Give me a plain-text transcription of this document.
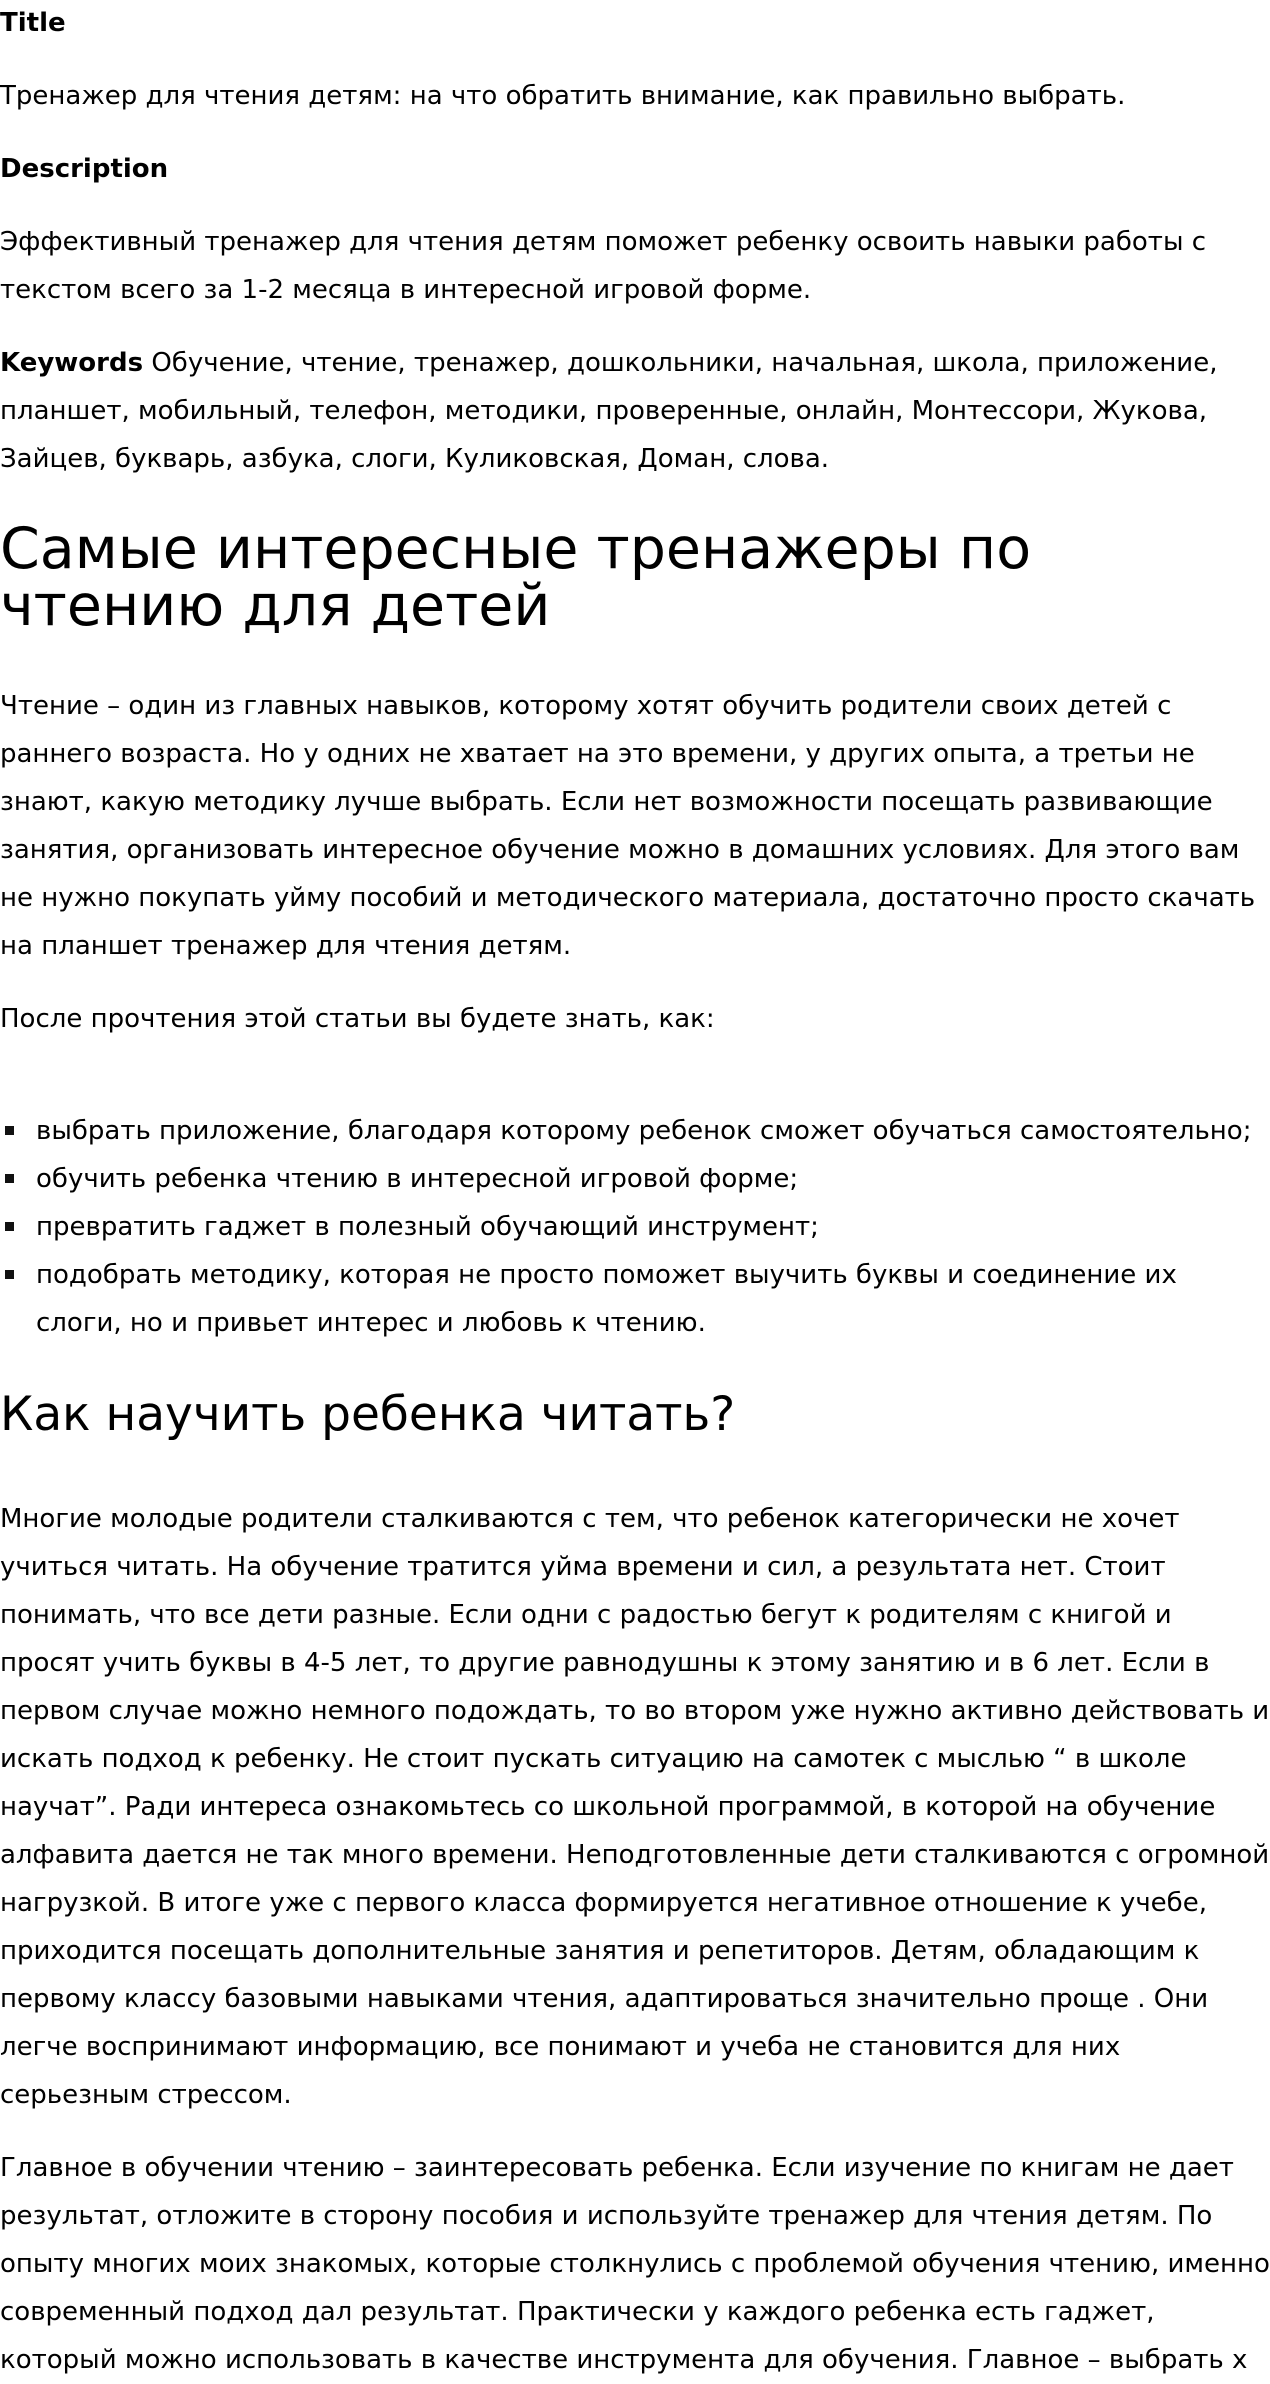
Title

Тренажер для чтения детям: на что обратить внимание, как правильно выбрать.

Description

Эффективный тренажер для чтения детям поможет ребенку освоить навыки работы с текстом всего за 1-2 месяца в интересной игровой форме.

Keywords Обучение, чтение, тренажер, дошкольники, начальная, школа, приложение, планшет, мобильный, телефон, методики, проверенные, онлайн, Монтессори, Жукова, Зайцев, букварь, азбука, слоги, Куликовская, Доман, слова.

Самые интересные тренажеры по чтению для детей

Чтение – один из главных навыков, которому хотят обучить родители своих детей с раннего возраста. Но у одних не хватает на это времени, у других опыта, а третьи не знают, какую методику лучше выбрать. Если нет возможности посещать развивающие занятия, организовать интересное обучение можно в домашних условиях. Для этого вам не нужно покупать уйму пособий и методического материала, достаточно просто скачать на планшет тренажер для чтения детям.

После прочтения этой статьи вы будете знать, как:

выбрать приложение, благодаря которому ребенок сможет обучаться самостоятельно;
обучить ребенка чтению в интересной игровой форме;
превратить гаджет в полезный обучающий инструмент;
подобрать методику, которая не просто поможет выучить буквы и соединение их слоги, но и привьет интерес и любовь к чтению.
Как научить ребенка читать?

Многие молодые родители сталкиваются с тем, что ребенок категорически не хочет учиться читать. На обучение тратится уйма времени и сил, а результата нет. Стоит понимать, что все дети разные. Если одни с радостью бегут к родителям с книгой и просят учить буквы в 4-5 лет, то другие равнодушны к этому занятию и в 6 лет. Если в первом случае можно немного подождать, то во втором уже нужно активно действовать и искать подход к ребенку. Не стоит пускать ситуацию на самотек с мыслью “ в школе научат”. Ради интереса ознакомьтесь со школьной программой, в которой на обучение алфавита дается не так много времени. Неподготовленные дети сталкиваются с огромной нагрузкой. В итоге уже с первого класса формируется негативное отношение к учебе, приходится посещать дополнительные занятия и репетиторов. Детям, обладающим к первому классу базовыми навыками чтения, адаптироваться значительно проще . Они легче воспринимают информацию, все понимают и учеба не становится для них серьезным стрессом.

Главное в обучении чтению – заинтересовать ребенка. Если изучение по книгам не дает результат, отложите в сторону пособия и используйте тренажер для чтения детям. По опыту многих моих знакомых, которые столкнулись с проблемой обучения чтению, именно современный подход дал результат. Практически у каждого ребенка есть гаджет, который можно использовать в качестве инструмента для обучения. Главное – выбрать х
